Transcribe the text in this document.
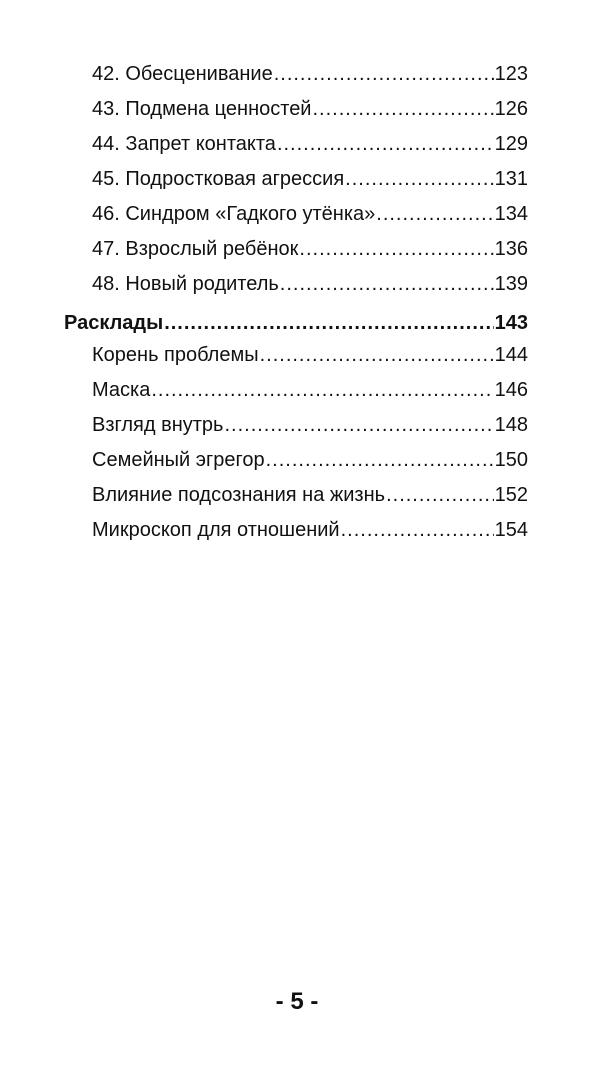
42. Обесценивание .....	123
43. Подмена ценностей .....	126
44. Запрет контакта .....	129
45. Подростковая агрессия .....	131
46. Синдром «Гадкого утёнка» .....	134
47. Взрослый ребёнок .....	136
48. Новый родитель .....	139
Расклады .....	143
Корень проблемы .....	144
Маска .....	146
Взгляд внутрь .....	148
Семейный эгрегор .....	150
Влияние подсознания на жизнь .....	152
Микроскоп для отношений .....	154
- 5 -
